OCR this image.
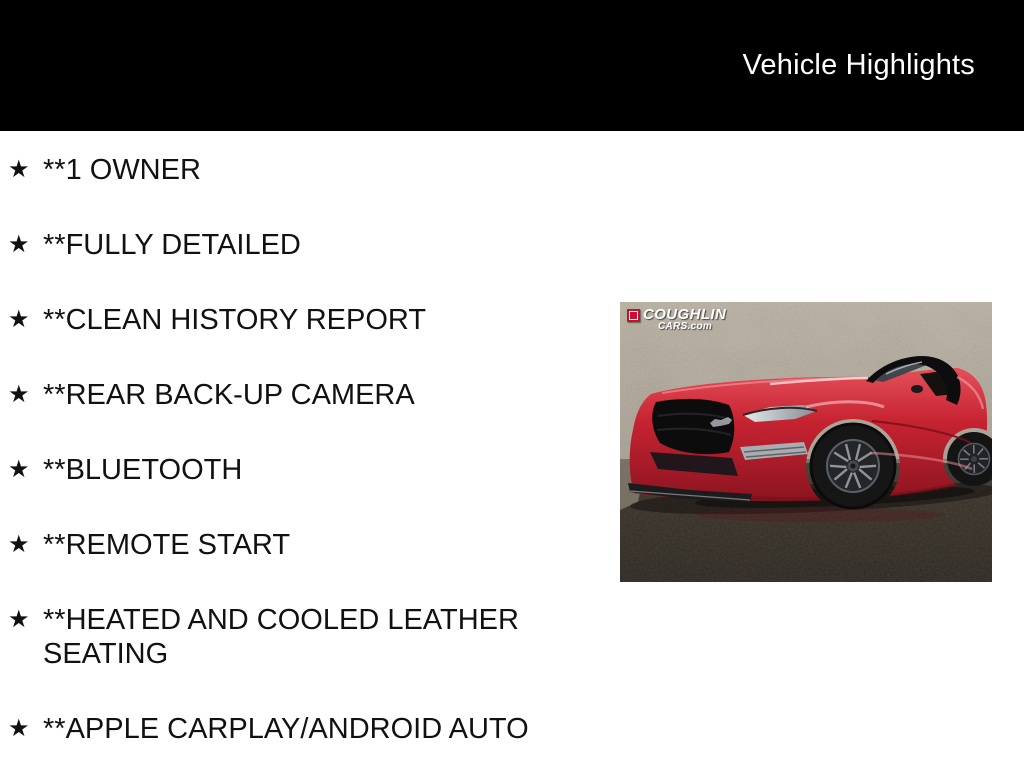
Vehicle Highlights
★ **1 OWNER
★ **FULLY DETAILED
★ **CLEAN HISTORY REPORT
★ **REAR BACK-UP CAMERA
★ **BLUETOOTH
★ **REMOTE START
★ **HEATED AND COOLED LEATHER SEATING
★ **APPLE CARPLAY/ANDROID AUTO
COUGHLIN
CARS.com
